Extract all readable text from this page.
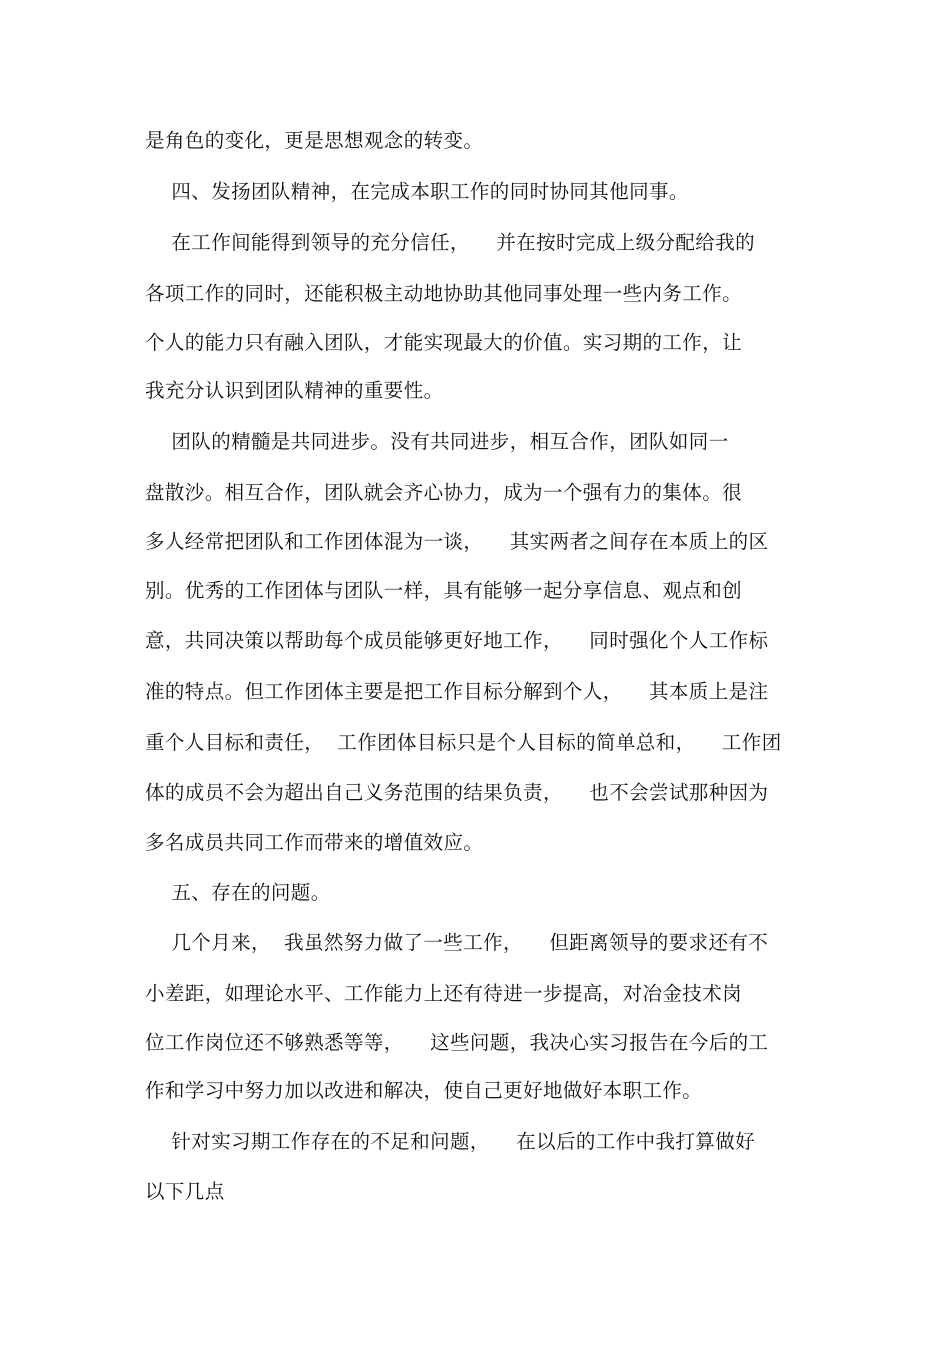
是角色的变化，更是思想观念的转变。
四、发扬团队精神，在完成本职工作的同时协同其他同事。
在工作间能得到领导的充分信任，    并在按时完成上级分配给我的
各项工作的同时，还能积极主动地协助其他同事处理一些内务工作。
个人的能力只有融入团队，才能实现最大的价值。实习期的工作，让
我充分认识到团队精神的重要性。
团队的精髓是共同进步。没有共同进步，相互合作，团队如同一
盘散沙。相互合作，团队就会齐心协力，成为一个强有力的集体。很
多人经常把团队和工作团体混为一谈，    其实两者之间存在本质上的区
别。优秀的工作团体与团队一样，具有能够一起分享信息、观点和创
意，共同决策以帮助每个成员能够更好地工作，    同时强化个人工作标
准的特点。但工作团体主要是把工作目标分解到个人，    其本质上是注
重个人目标和责任，  工作团体目标只是个人目标的简单总和，    工作团
体的成员不会为超出自己义务范围的结果负责，    也不会尝试那种因为
多名成员共同工作而带来的增值效应。
五、存在的问题。
几个月来，  我虽然努力做了一些工作，    但距离领导的要求还有不
小差距，如理论水平、工作能力上还有待进一步提高，对冶金技术岗
位工作岗位还不够熟悉等等，    这些问题，我决心实习报告在今后的工
作和学习中努力加以改进和解决，使自己更好地做好本职工作。
针对实习期工作存在的不足和问题，    在以后的工作中我打算做好
以下几点
